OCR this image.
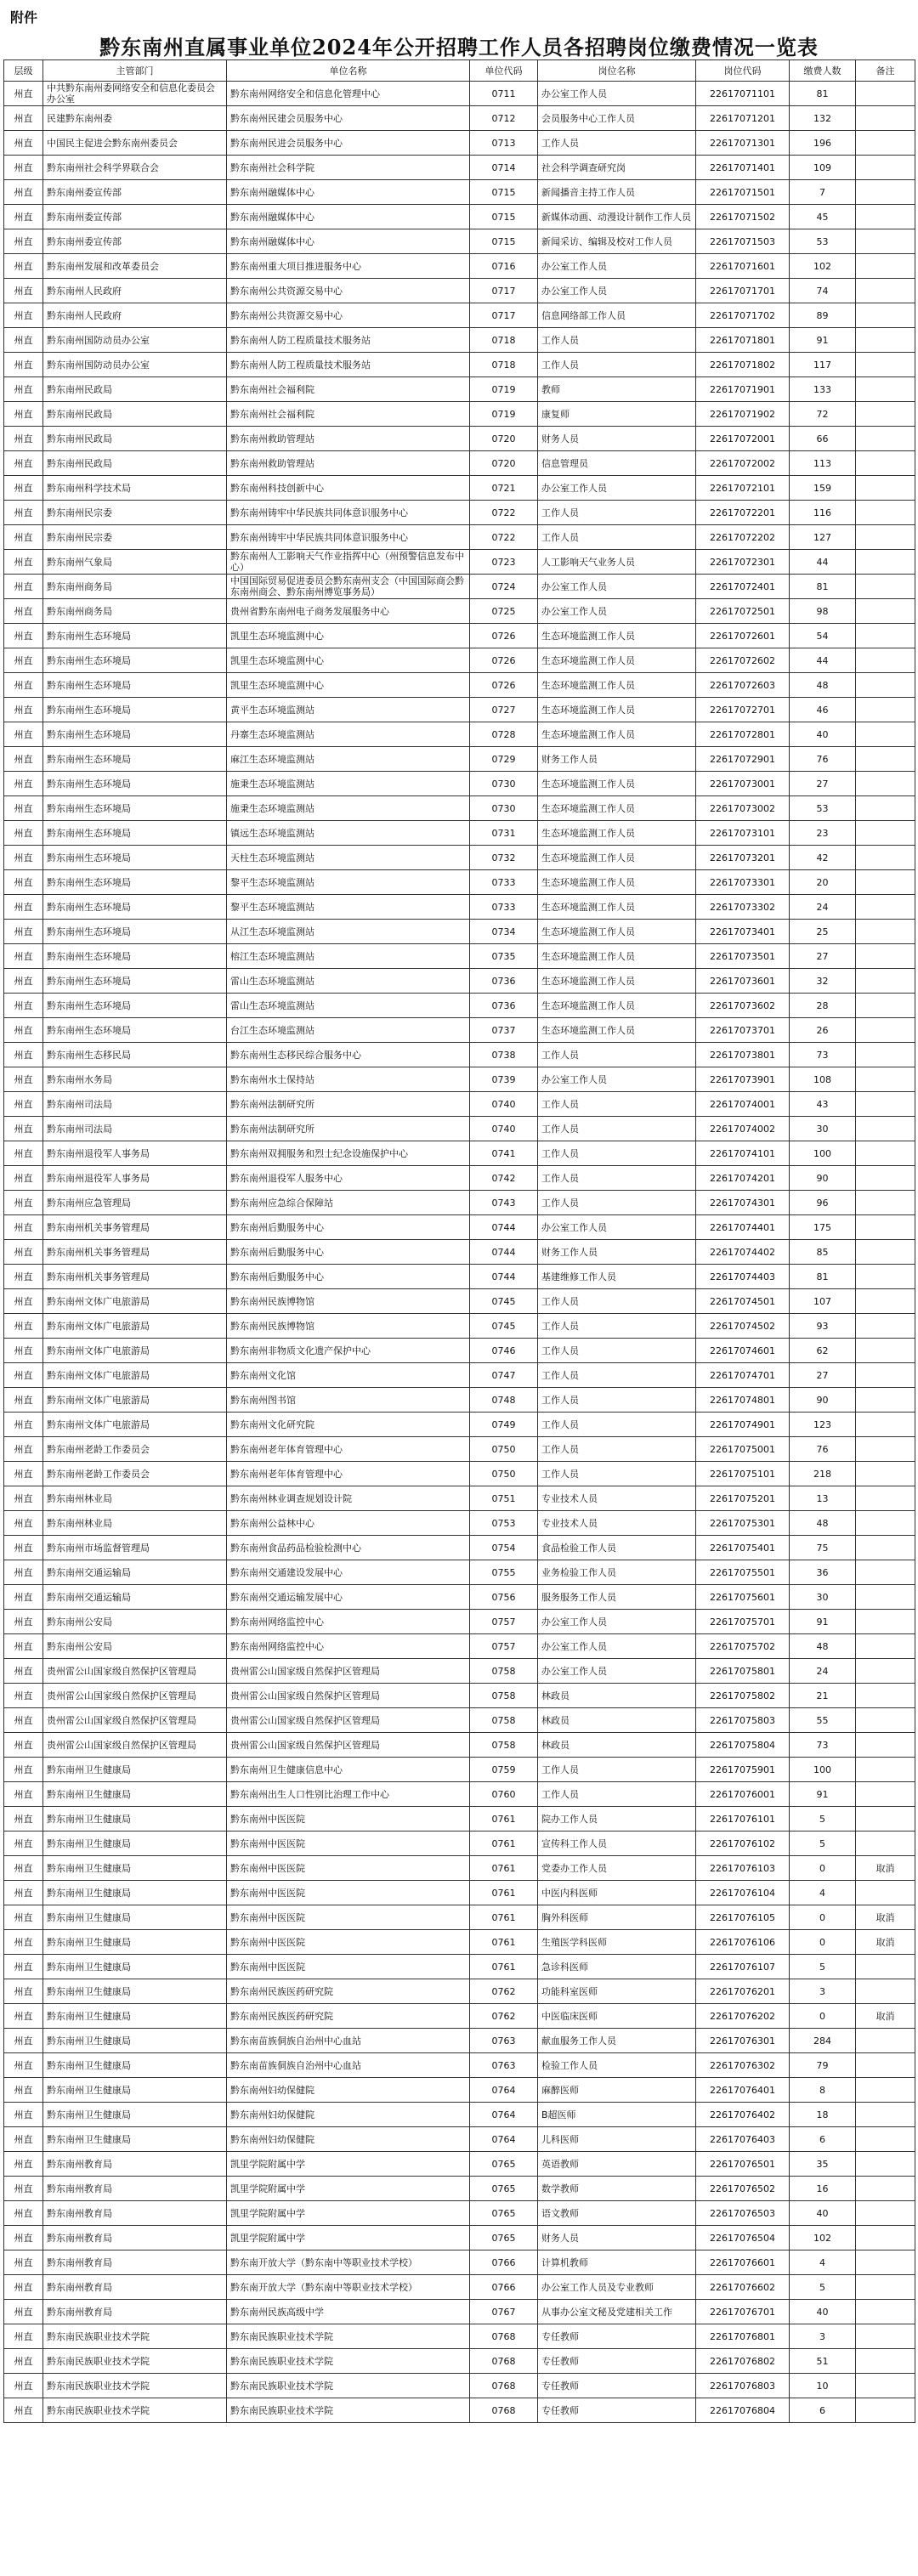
附件
黔东南州直属事业单位2024年公开招聘工作人员各招聘岗位缴费情况一览表
层级	主管部门	单位名称	单位代码	岗位名称	岗位代码	缴费人数	备注
州直	中共黔东南州委网络安全和信息化委员会办公室	黔东南州网络安全和信息化管理中心	0711	办公室工作人员	22617071101	81	
州直	民建黔东南州委	黔东南州民建会员服务中心	0712	会员服务中心工作人员	22617071201	132	
州直	中国民主促进会黔东南州委员会	黔东南州民进会员服务中心	0713	工作人员	22617071301	196	
州直	黔东南州社会科学界联合会	黔东南州社会科学院	0714	社会科学调查研究岗	22617071401	109	
州直	黔东南州委宣传部	黔东南州融媒体中心	0715	新闻播音主持工作人员	22617071501	7	
州直	黔东南州委宣传部	黔东南州融媒体中心	0715	新媒体动画、动漫设计制作工作人员	22617071502	45	
州直	黔东南州委宣传部	黔东南州融媒体中心	0715	新闻采访、编辑及校对工作人员	22617071503	53	
州直	黔东南州发展和改革委员会	黔东南州重大项目推进服务中心	0716	办公室工作人员	22617071601	102	
州直	黔东南州人民政府	黔东南州公共资源交易中心	0717	办公室工作人员	22617071701	74	
州直	黔东南州人民政府	黔东南州公共资源交易中心	0717	信息网络部工作人员	22617071702	89	
州直	黔东南州国防动员办公室	黔东南州人防工程质量技术服务站	0718	工作人员	22617071801	91	
州直	黔东南州国防动员办公室	黔东南州人防工程质量技术服务站	0718	工作人员	22617071802	117	
州直	黔东南州民政局	黔东南州社会福利院	0719	教师	22617071901	133	
州直	黔东南州民政局	黔东南州社会福利院	0719	康复师	22617071902	72	
州直	黔东南州民政局	黔东南州救助管理站	0720	财务人员	22617072001	66	
州直	黔东南州民政局	黔东南州救助管理站	0720	信息管理员	22617072002	113	
州直	黔东南州科学技术局	黔东南州科技创新中心	0721	办公室工作人员	22617072101	159	
州直	黔东南州民宗委	黔东南州铸牢中华民族共同体意识服务中心	0722	工作人员	22617072201	116	
州直	黔东南州民宗委	黔东南州铸牢中华民族共同体意识服务中心	0722	工作人员	22617072202	127	
州直	黔东南州气象局	黔东南州人工影响天气作业指挥中心（州预警信息发布中心）	0723	人工影响天气业务人员	22617072301	44	
州直	黔东南州商务局	中国国际贸易促进委员会黔东南州支会（中国国际商会黔东南州商会、黔东南州博览事务局）	0724	办公室工作人员	22617072401	81	
州直	黔东南州商务局	贵州省黔东南州电子商务发展服务中心	0725	办公室工作人员	22617072501	98	
州直	黔东南州生态环境局	凯里生态环境监测中心	0726	生态环境监测工作人员	22617072601	54	
州直	黔东南州生态环境局	凯里生态环境监测中心	0726	生态环境监测工作人员	22617072602	44	
州直	黔东南州生态环境局	凯里生态环境监测中心	0726	生态环境监测工作人员	22617072603	48	
州直	黔东南州生态环境局	黄平生态环境监测站	0727	生态环境监测工作人员	22617072701	46	
州直	黔东南州生态环境局	丹寨生态环境监测站	0728	生态环境监测工作人员	22617072801	40	
州直	黔东南州生态环境局	麻江生态环境监测站	0729	财务工作人员	22617072901	76	
州直	黔东南州生态环境局	施秉生态环境监测站	0730	生态环境监测工作人员	22617073001	27	
州直	黔东南州生态环境局	施秉生态环境监测站	0730	生态环境监测工作人员	22617073002	53	
州直	黔东南州生态环境局	镇远生态环境监测站	0731	生态环境监测工作人员	22617073101	23	
州直	黔东南州生态环境局	天柱生态环境监测站	0732	生态环境监测工作人员	22617073201	42	
州直	黔东南州生态环境局	黎平生态环境监测站	0733	生态环境监测工作人员	22617073301	20	
州直	黔东南州生态环境局	黎平生态环境监测站	0733	生态环境监测工作人员	22617073302	24	
州直	黔东南州生态环境局	从江生态环境监测站	0734	生态环境监测工作人员	22617073401	25	
州直	黔东南州生态环境局	榕江生态环境监测站	0735	生态环境监测工作人员	22617073501	27	
州直	黔东南州生态环境局	雷山生态环境监测站	0736	生态环境监测工作人员	22617073601	32	
州直	黔东南州生态环境局	雷山生态环境监测站	0736	生态环境监测工作人员	22617073602	28	
州直	黔东南州生态环境局	台江生态环境监测站	0737	生态环境监测工作人员	22617073701	26	
州直	黔东南州生态移民局	黔东南州生态移民综合服务中心	0738	工作人员	22617073801	73	
州直	黔东南州水务局	黔东南州水土保持站	0739	办公室工作人员	22617073901	108	
州直	黔东南州司法局	黔东南州法制研究所	0740	工作人员	22617074001	43	
州直	黔东南州司法局	黔东南州法制研究所	0740	工作人员	22617074002	30	
州直	黔东南州退役军人事务局	黔东南州双拥服务和烈士纪念设施保护中心	0741	工作人员	22617074101	100	
州直	黔东南州退役军人事务局	黔东南州退役军人服务中心	0742	工作人员	22617074201	90	
州直	黔东南州应急管理局	黔东南州应急综合保障站	0743	工作人员	22617074301	96	
州直	黔东南州机关事务管理局	黔东南州后勤服务中心	0744	办公室工作人员	22617074401	175	
州直	黔东南州机关事务管理局	黔东南州后勤服务中心	0744	财务工作人员	22617074402	85	
州直	黔东南州机关事务管理局	黔东南州后勤服务中心	0744	基建维修工作人员	22617074403	81	
州直	黔东南州文体广电旅游局	黔东南州民族博物馆	0745	工作人员	22617074501	107	
州直	黔东南州文体广电旅游局	黔东南州民族博物馆	0745	工作人员	22617074502	93	
州直	黔东南州文体广电旅游局	黔东南州非物质文化遗产保护中心	0746	工作人员	22617074601	62	
州直	黔东南州文体广电旅游局	黔东南州文化馆	0747	工作人员	22617074701	27	
州直	黔东南州文体广电旅游局	黔东南州图书馆	0748	工作人员	22617074801	90	
州直	黔东南州文体广电旅游局	黔东南州文化研究院	0749	工作人员	22617074901	123	
州直	黔东南州老龄工作委员会	黔东南州老年体育管理中心	0750	工作人员	22617075001	76	
州直	黔东南州老龄工作委员会	黔东南州老年体育管理中心	0750	工作人员	22617075101	218	
州直	黔东南州林业局	黔东南州林业调查规划设计院	0751	专业技术人员	22617075201	13	
州直	黔东南州林业局	黔东南州公益林中心	0753	专业技术人员	22617075301	48	
州直	黔东南州市场监督管理局	黔东南州食品药品检验检测中心	0754	食品检验工作人员	22617075401	75	
州直	黔东南州交通运输局	黔东南州交通建设发展中心	0755	业务检验工作人员	22617075501	36	
州直	黔东南州交通运输局	黔东南州交通运输发展中心	0756	服务服务工作人员	22617075601	30	
州直	黔东南州公安局	黔东南州网络监控中心	0757	办公室工作人员	22617075701	91	
州直	黔东南州公安局	黔东南州网络监控中心	0757	办公室工作人员	22617075702	48	
州直	贵州雷公山国家级自然保护区管理局	贵州雷公山国家级自然保护区管理局	0758	办公室工作人员	22617075801	24	
州直	贵州雷公山国家级自然保护区管理局	贵州雷公山国家级自然保护区管理局	0758	林政员	22617075802	21	
州直	贵州雷公山国家级自然保护区管理局	贵州雷公山国家级自然保护区管理局	0758	林政员	22617075803	55	
州直	贵州雷公山国家级自然保护区管理局	贵州雷公山国家级自然保护区管理局	0758	林政员	22617075804	73	
州直	黔东南州卫生健康局	黔东南州卫生健康信息中心	0759	工作人员	22617075901	100	
州直	黔东南州卫生健康局	黔东南州出生人口性别比治理工作中心	0760	工作人员	22617076001	91	
州直	黔东南州卫生健康局	黔东南州中医医院	0761	院办工作人员	22617076101	5	
州直	黔东南州卫生健康局	黔东南州中医医院	0761	宣传科工作人员	22617076102	5	
州直	黔东南州卫生健康局	黔东南州中医医院	0761	党委办工作人员	22617076103	0	取消
州直	黔东南州卫生健康局	黔东南州中医医院	0761	中医内科医师	22617076104	4	
州直	黔东南州卫生健康局	黔东南州中医医院	0761	胸外科医师	22617076105	0	取消
州直	黔东南州卫生健康局	黔东南州中医医院	0761	生殖医学科医师	22617076106	0	取消
州直	黔东南州卫生健康局	黔东南州中医医院	0761	急诊科医师	22617076107	5	
州直	黔东南州卫生健康局	黔东南州民族医药研究院	0762	功能科室医师	22617076201	3	
州直	黔东南州卫生健康局	黔东南州民族医药研究院	0762	中医临床医师	22617076202	0	取消
州直	黔东南州卫生健康局	黔东南苗族侗族自治州中心血站	0763	献血服务工作人员	22617076301	284	
州直	黔东南州卫生健康局	黔东南苗族侗族自治州中心血站	0763	检验工作人员	22617076302	79	
州直	黔东南州卫生健康局	黔东南州妇幼保健院	0764	麻醉医师	22617076401	8	
州直	黔东南州卫生健康局	黔东南州妇幼保健院	0764	B超医师	22617076402	18	
州直	黔东南州卫生健康局	黔东南州妇幼保健院	0764	儿科医师	22617076403	6	
州直	黔东南州教育局	凯里学院附属中学	0765	英语教师	22617076501	35	
州直	黔东南州教育局	凯里学院附属中学	0765	数学教师	22617076502	16	
州直	黔东南州教育局	凯里学院附属中学	0765	语文教师	22617076503	40	
州直	黔东南州教育局	凯里学院附属中学	0765	财务人员	22617076504	102	
州直	黔东南州教育局	黔东南开放大学（黔东南中等职业技术学校）	0766	计算机教师	22617076601	4	
州直	黔东南州教育局	黔东南开放大学（黔东南中等职业技术学校）	0766	办公室工作人员及专业教师	22617076602	5	
州直	黔东南州教育局	黔东南州民族高级中学	0767	从事办公室文秘及党建相关工作	22617076701	40	
州直	黔东南民族职业技术学院	黔东南民族职业技术学院	0768	专任教师	22617076801	3	
州直	黔东南民族职业技术学院	黔东南民族职业技术学院	0768	专任教师	22617076802	51	
州直	黔东南民族职业技术学院	黔东南民族职业技术学院	0768	专任教师	22617076803	10	
州直	黔东南民族职业技术学院	黔东南民族职业技术学院	0768	专任教师	22617076804	6	
